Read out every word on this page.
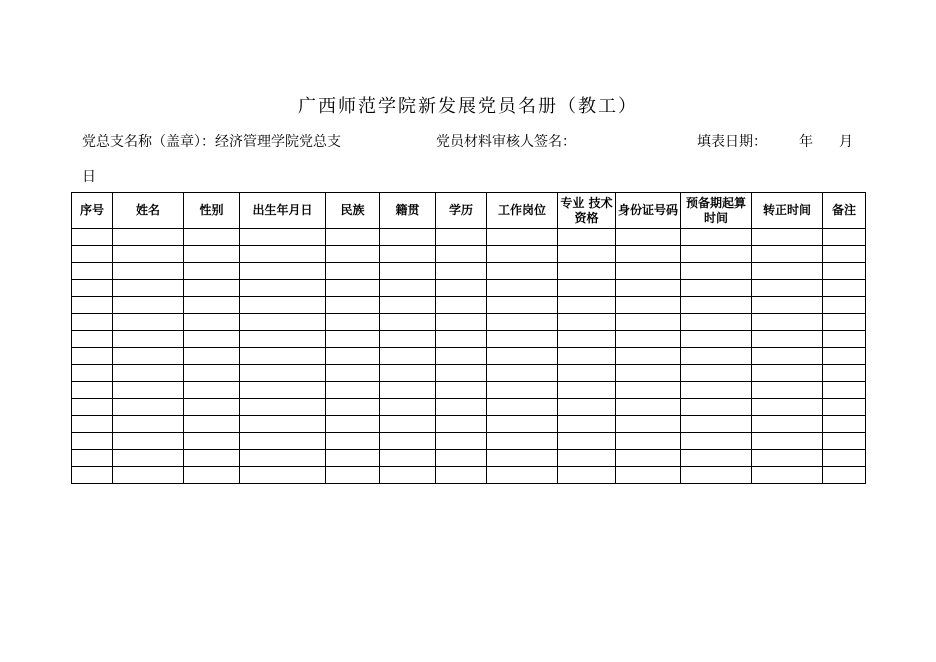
广西师范学院新发展党员名册（教工）
党总支名称（盖章）：经济管理学院党总支	党员材料审核人签名：	填表日期： 年 月
日
序号	姓名	性别	出生年月日	民族	籍贯	学历	工作岗位	专业 技术资格	身份证号码	预备期起算时间	转正时间	备注
